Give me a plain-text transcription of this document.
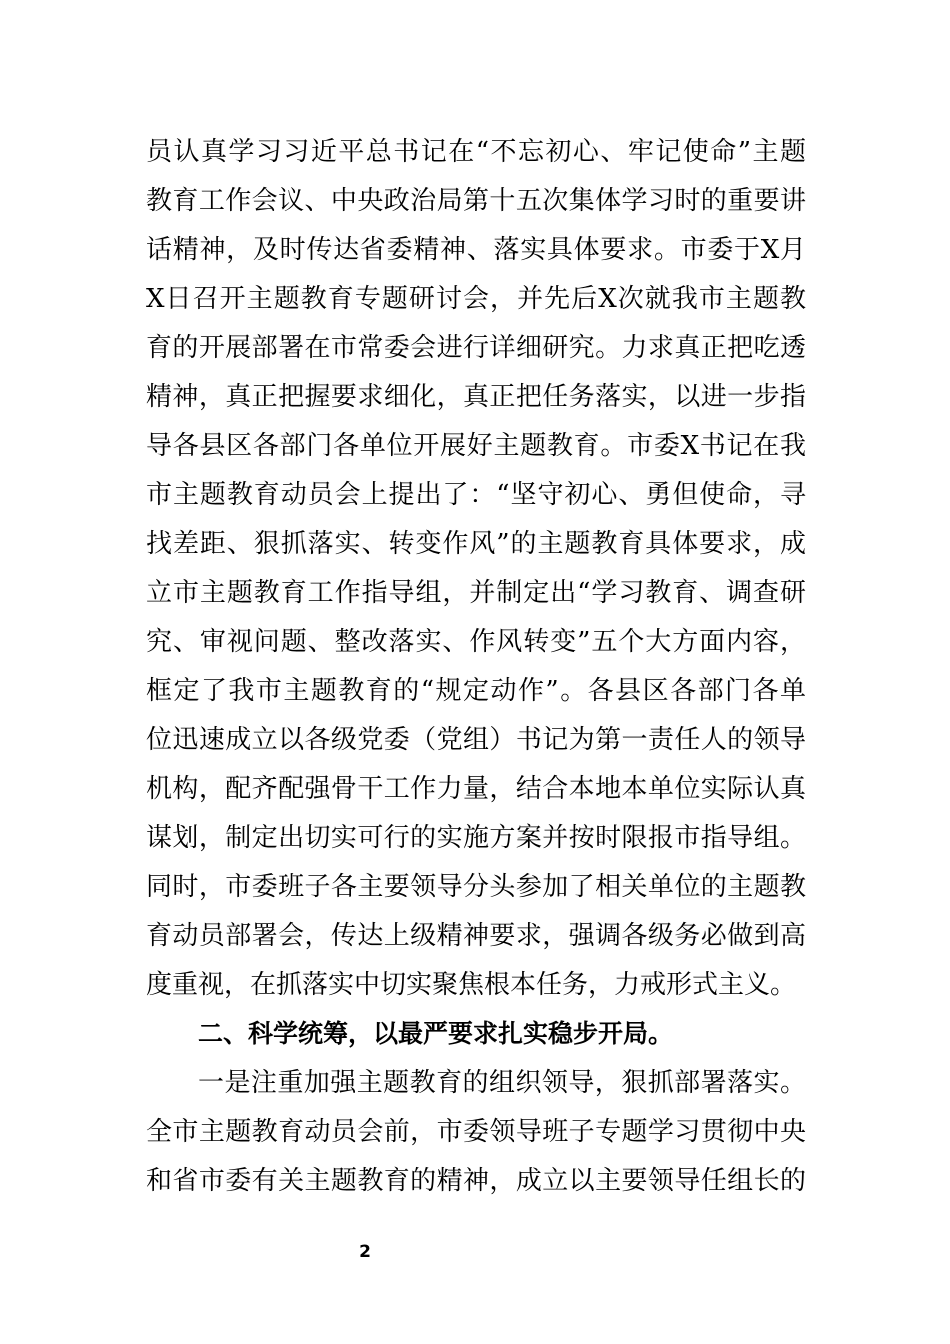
员认真学习习近平总书记在“不忘初心、牢记使命”主题
教育工作会议、中央政治局第十五次集体学习时的重要讲
话精神，及时传达省委精神、落实具体要求。市委于X月
X日召开主题教育专题研讨会，并先后X次就我市主题教
育的开展部署在市常委会进行详细研究。力求真正把吃透
精神，真正把握要求细化，真正把任务落实，以进一步指
导各县区各部门各单位开展好主题教育。市委X书记在我
市主题教育动员会上提出了：“坚守初心、勇但使命，寻
找差距、狠抓落实、转变作风”的主题教育具体要求，成
立市主题教育工作指导组，并制定出“学习教育、调查研
究、审视问题、整改落实、作风转变”五个大方面内容，
框定了我市主题教育的“规定动作”。各县区各部门各单
位迅速成立以各级党委（党组）书记为第一责任人的领导
机构，配齐配强骨干工作力量，结合本地本单位实际认真
谋划，制定出切实可行的实施方案并按时限报市指导组。
同时，市委班子各主要领导分头参加了相关单位的主题教
育动员部署会，传达上级精神要求，强调各级务必做到高
度重视，在抓落实中切实聚焦根本任务，力戒形式主义。
二、科学统筹，以最严要求扎实稳步开局。
一是注重加强主题教育的组织领导，狠抓部署落实。
全市主题教育动员会前，市委领导班子专题学习贯彻中央
和省市委有关主题教育的精神，成立以主要领导任组长的
2
